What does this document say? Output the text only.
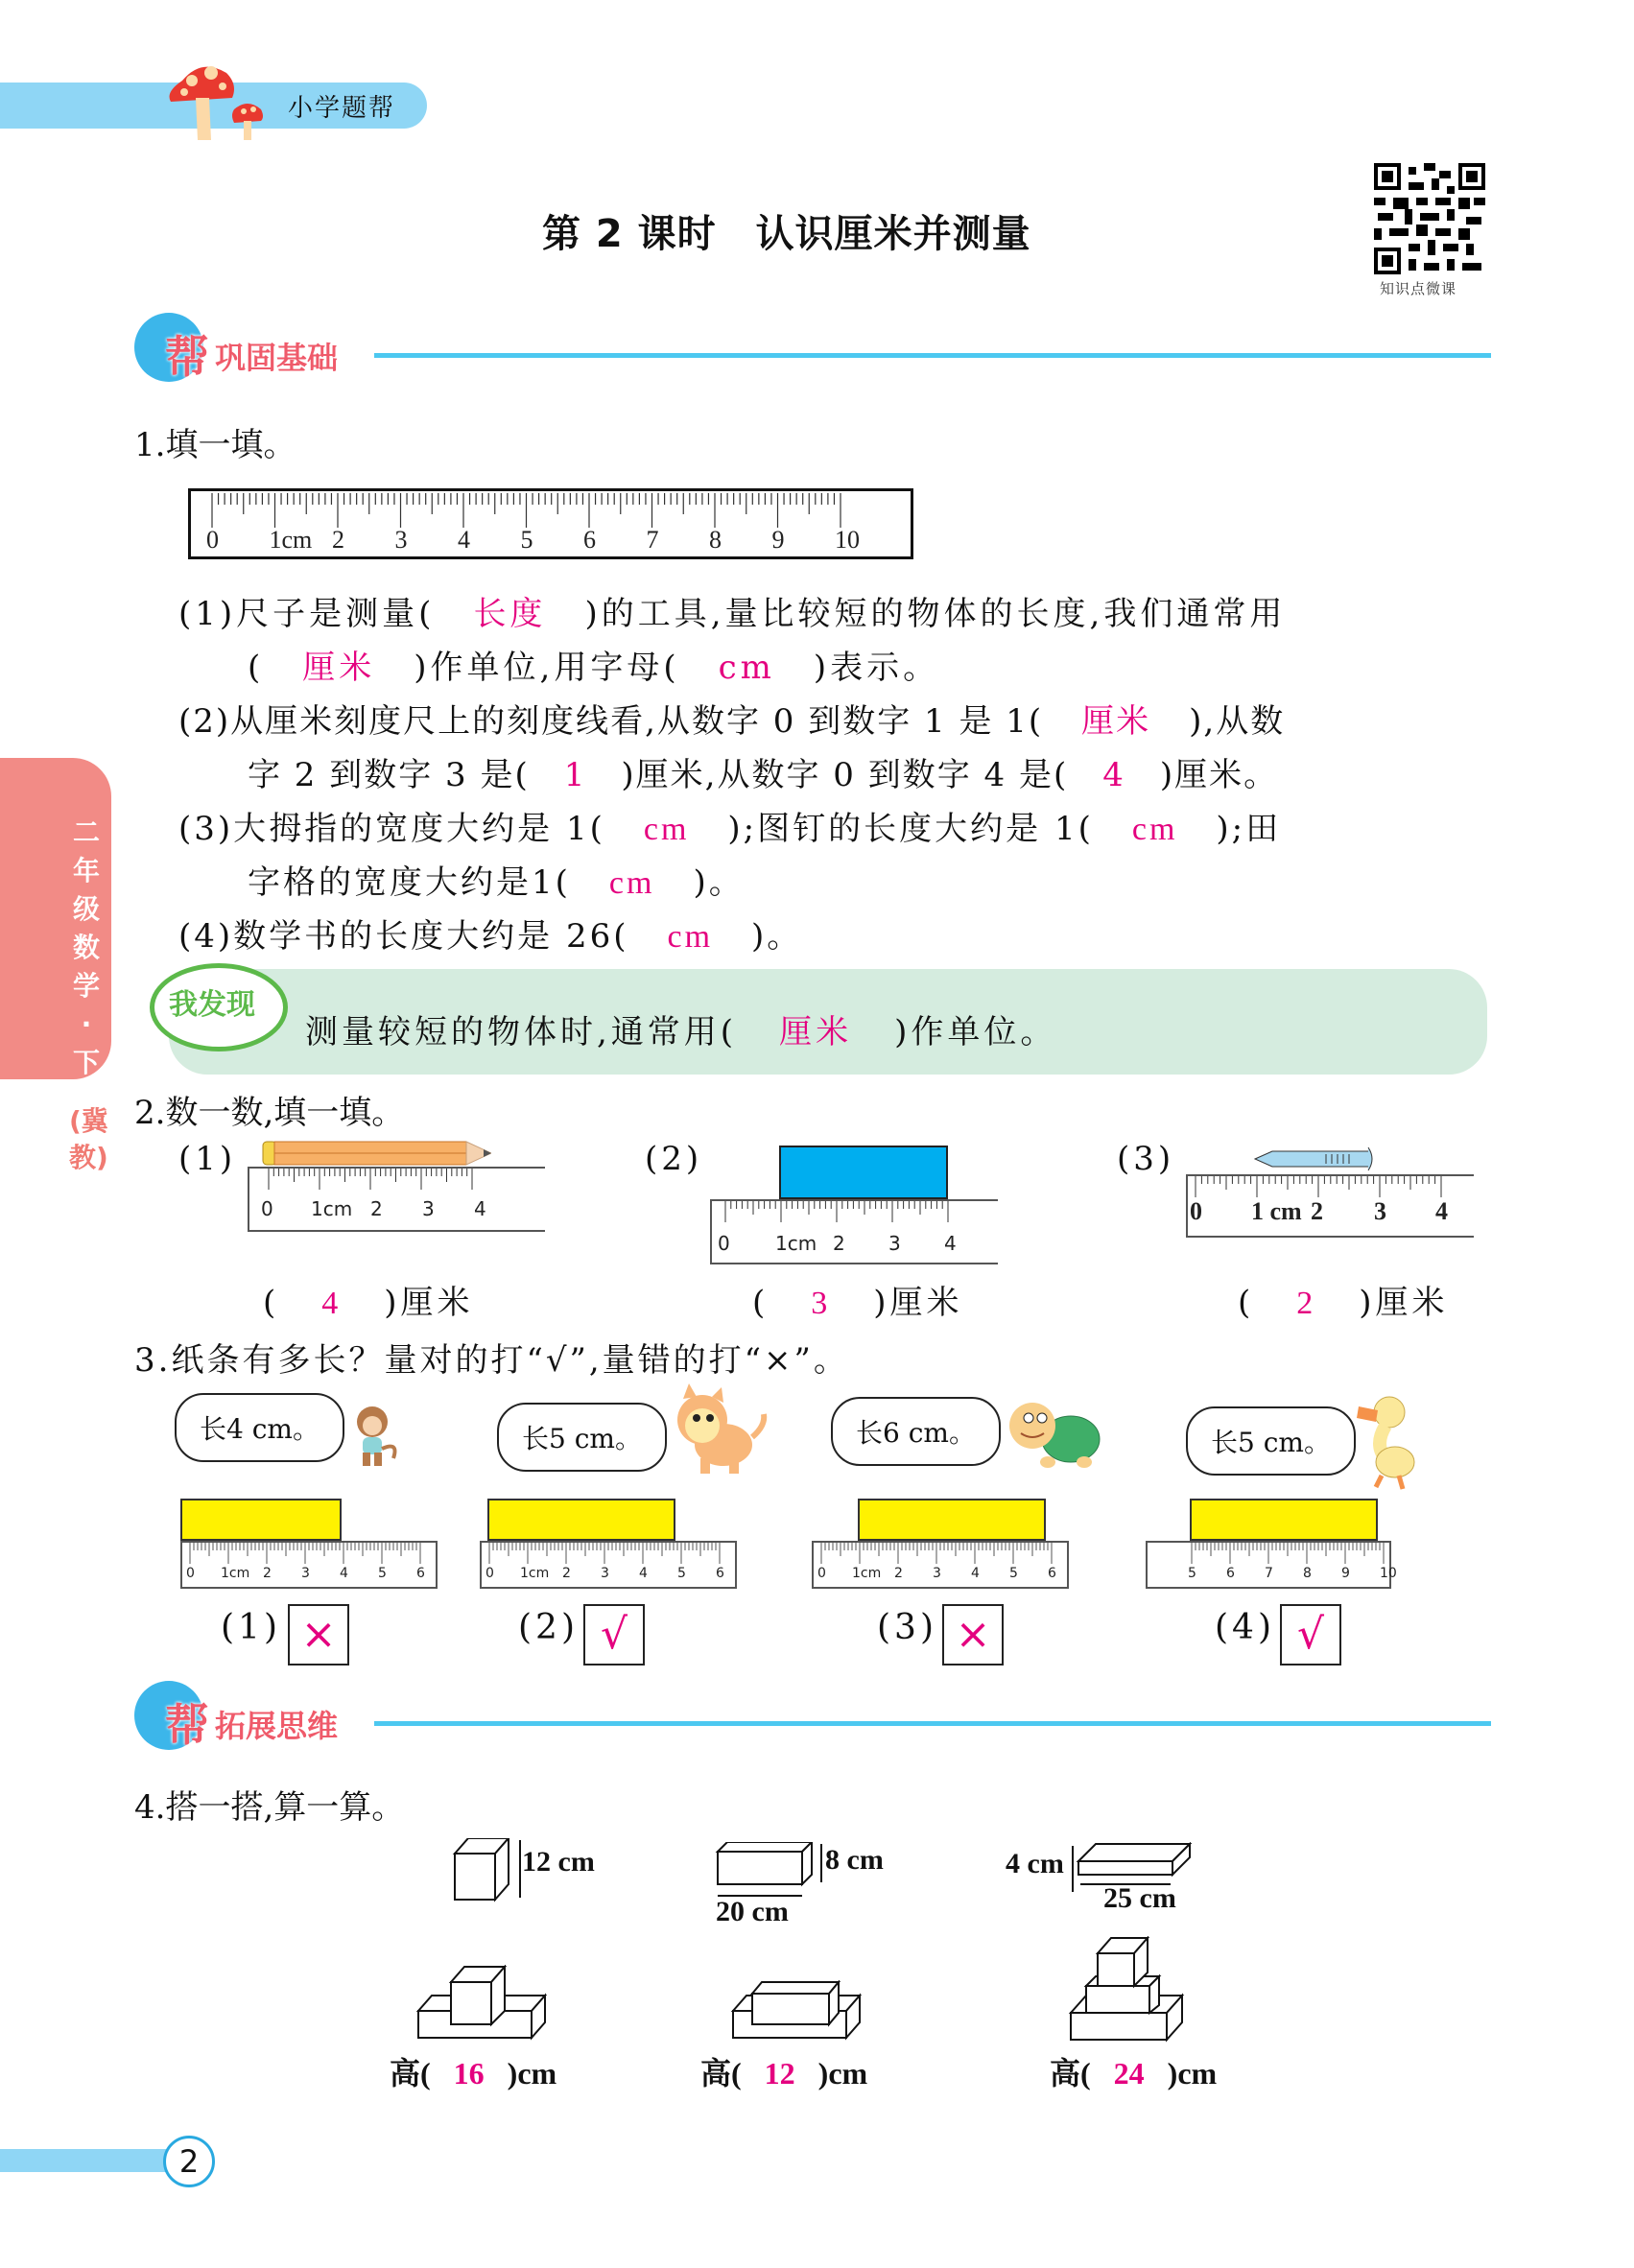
小学题帮
第 2 课时　认识厘米并测量
知识点微课
帮 巩固基础
二年级数学·下
(冀教)
1.填一填。
0 1cm 2 3 4 5 6 7 8 9 10
(1)尺子是测量( 长度 )的工具,量比较短的物体的长度,我们通常用
( 厘米 )作单位,用字母( cm )表示。
(2)从厘米刻度尺上的刻度线看,从数字 0 到数字 1 是 1( 厘米 ),从数
字 2 到数字 3 是( 1 )厘米,从数字 0 到数字 4 是( 4 )厘米。
(3)大拇指的宽度大约是 1( cm );图钉的长度大约是 1( cm );田
字格的宽度大约是1( cm )。
(4)数学书的长度大约是 26( cm )。
我发现
测量较短的物体时,通常用( 厘米 )作单位。
2.数一数,填一填。
(1)
0 1cm 2 3 4
( 4 )厘米
(2)
0 1cm 2 3 4
( 3 )厘米
(3)
0 1 cm 2 3 4
( 2 )厘米
3.纸条有多长？量对的打“√”,量错的打“×”。
长4 cm。
0 1cm 2 3 4 5 6
(1) ×
长5 cm。
0 1cm 2 3 4 5 6
(2) √
长6 cm。
0 1cm 2 3 4 5 6
(3) ×
长5 cm。
5 6 7 8 9 10
(4) √
帮 拓展思维
4.搭一搭,算一算。
12 cm	8 cm
20 cm
4 cm
25 cm
高( 16 )cm	高( 12 )cm	高( 24 )cm
2
